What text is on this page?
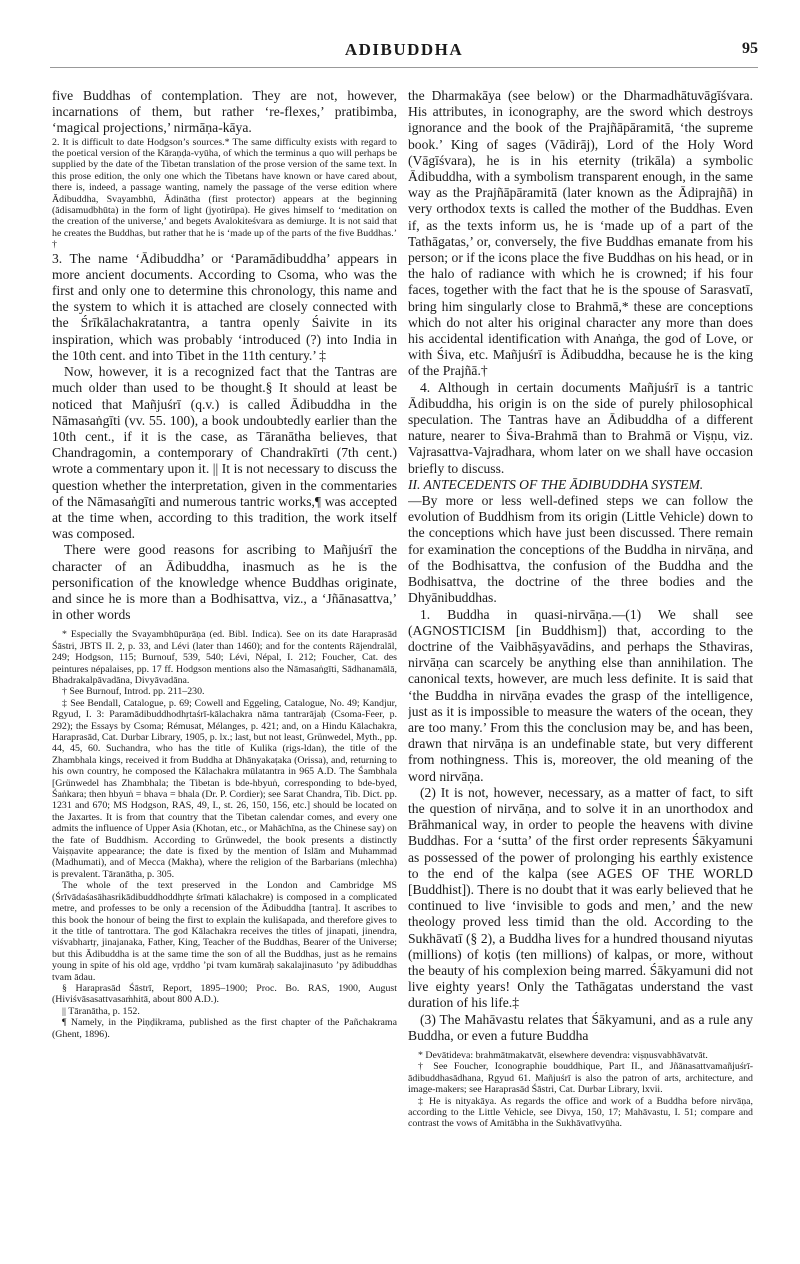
ADIBUDDHA	95

five Buddhas of contemplation. They are not, however, incarnations of them, but rather ‘re-flexes,’ pratibimba, ‘magical projections,’ nirmāṇa-kāya.

2. It is difficult to date Hodgson’s sources.* The same difficulty exists with regard to the poetical version of the Kāraṇḍa-vyūha, of which the terminus a quo will perhaps be supplied by the date of the Tibetan translation of the prose version of the same text. In this prose edition, the only one which the Tibetans have known or have cared about, there is, indeed, a passage wanting, namely the passage of the verse edition where Ādibuddha, Svayambhū, Ādinātha (first protector) appears at the beginning (ādisamudbhūta) in the form of light (jyotirūpa). He gives himself to ‘meditation on the creation of the universe,’ and begets Avalokiteśvara as demiurge. It is not said that he creates the Buddhas, but rather that he is ‘made up of the parts of the five Buddhas.’ †

3. The name ‘Ādibuddha’ or ‘Paramādibuddha’ appears in more ancient documents. According to Csoma, who was the first and only one to determine this chronology, this name and the system to which it is attached are closely connected with the Śrīkālachakratantra, a tantra openly Śaivite in its inspiration, which was probably ‘introduced (?) into India in the 10th cent. and into Tibet in the 11th century.’ ‡

Now, however, it is a recognized fact that the Tantras are much older than used to be thought.§ It should at least be noticed that Mañjuśrī (q.v.) is called Ādibuddha in the Nāmasaṅgīti (vv. 55. 100), a book undoubtedly earlier than the 10th cent., if it is the case, as Tāranātha believes, that Chandragomin, a contemporary of Chandrakīrti (7th cent.) wrote a commentary upon it. || It is not necessary to discuss the question whether the interpretation, given in the commentaries of the Nāmasaṅgīti and numerous tantric works,¶ was accepted at the time when, according to this tradition, the work itself was composed.

There were good reasons for ascribing to Mañjuśrī the character of an Ādibuddha, inasmuch as he is the personification of the knowledge whence Buddhas originate, and since he is more than a Bodhisattva, viz., a ‘Jñānasattva,’ in other words

* Especially the Svayambhūpurāṇa (ed. Bibl. Indica). See on its date Haraprasād Śāstri, JBTS II. 2, p. 33, and Lévi (later than 1460); and for the contents Rājendralāl, 249; Hodgson, 115; Burnouf, 539, 540; Lévi, Népal, I. 212; Foucher, Cat. des peintures népalaises, pp. 17 ff. Hodgson mentions also the Nāmasaṅgīti, Sādhanamālā, Bhadrakalpāvadāna, Divyāvadāna.

† See Burnouf, Introd. pp. 211–230.

‡ See Bendall, Catalogue, p. 69; Cowell and Eggeling, Catalogue, No. 49; Kandjur, Rgyud, I. 3: Paramādibuddhodhṛtaśrī-kālachakra nāma tantrarājaḥ (Csoma-Feer, p. 292); the Essays by Csoma; Rémusat, Mélanges, p. 421; and, on a Hindu Kālachakra, Haraprasād, Cat. Durbar Library, 1905, p. lx.; last, but not least, Grünwedel, Myth., pp. 44, 45, 60. Suchandra, who has the title of Kulika (rigs-ldan), the title of the Zhambhala kings, received it from Buddha at Dhānyakaṭaka (Orissa), and, returning to his own country, he composed the Kālachakra mūlatantra in 965 A.D. The Śambhala [Grünwedel has Zhambhala; the Tibetan is bde-hbyuṅ, corresponding to bde-byed, Śaṅkara; then hbyuṅ = bhava = bhala (Dr. P. Cordier); see Sarat Chandra, Tib. Dict. pp. 1231 and 670; MS Hodgson, RAS, 49, I., st. 26, 150, 156, etc.] should be located on the Jaxartes. It is from that country that the Tibetan calendar comes, and every one admits the influence of Upper Asia (Khotan, etc., or Mahāchīna, as the Chinese say) on the fate of Buddhism. According to Grünwedel, the book presents a distinctly Vaiṣṇavite appearance; the date is fixed by the mention of Islām and Muhammad (Madhumati), and of Mecca (Makha), where the religion of the Barbarians (mlechha) is prevalent. Tāranātha, p. 305.

The whole of the text preserved in the London and Cambridge MS (Śrīvādaśasāhasrikādibuddhoddhṛte śrīmati kālachakre) is composed in a complicated metre, and professes to be only a recension of the Ādibuddha [tantra]. It ascribes to this book the honour of being the first to explain the kuliśapada, and therefore gives to it the title of tantrottara. The god Kālachakra receives the titles of jinapati, jinendra, viśvabhartṛ, jinajanaka, Father, King, Teacher of the Buddhas, Bearer of the Universe; but this Ādibuddha is at the same time the son of all the Buddhas, just as he remains young in spite of his old age, vṛddho ’pi tvam kumāraḥ sakalajinasuto ’py ādibuddhas tvam ādau.

§ Haraprasād Śāstrī, Report, 1895–1900; Proc. Bo. RAS, 1900, August (Hiviśvāsasattvasaṁhitā, about 800 A.D.).

|| Tāranātha, p. 152.

¶ Namely, in the Piṇḍikrama, published as the first chapter of the Pañchakrama (Ghent, 1896).

the Dharmakāya (see below) or the Dharmadhātuvāgīśvara. His attributes, in iconography, are the sword which destroys ignorance and the book of the Prajñāpāramitā, ‘the supreme book.’ King of sages (Vādirāj), Lord of the Holy Word (Vāgīśvara), he is in his eternity (trikāla) a symbolic Ādibuddha, with a symbolism transparent enough, in the same way as the Prajñāpāramitā (later known as the Ādiprajñā) in very orthodox texts is called the mother of the Buddhas. Even if, as the texts inform us, he is ‘made up of a part of the Tathāgatas,’ or, conversely, the five Buddhas emanate from his person; or if the icons place the five Buddhas on his head, or in the halo of radiance with which he is crowned; if his four faces, together with the fact that he is the spouse of Sarasvatī, bring him singularly close to Brahmā,* these are conceptions which do not alter his original character any more than does his accidental identification with Anaṅga, the god of Love, or with Śiva, etc. Mañjuśrī is Ādibuddha, because he is the king of the Prajñā.†

4. Although in certain documents Mañjuśrī is a tantric Ādibuddha, his origin is on the side of purely philosophical speculation. The Tantras have an Ādibuddha of a different nature, nearer to Śiva-Brahmā than to Brahmā or Viṣṇu, viz. Vajrasattva-Vajradhara, whom later on we shall have occasion briefly to discuss.

II. ANTECEDENTS OF THE ĀDIBUDDHA SYSTEM.

—By more or less well-defined steps we can follow the evolution of Buddhism from its origin (Little Vehicle) down to the conceptions which have just been discussed. There remain for examination the conceptions of the Buddha in nirvāṇa, and of the Bodhisattva, the confusion of the Buddha and the Bodhisattva, the doctrine of the three bodies and the Dhyānibuddhas.

1. Buddha in quasi-nirvāṇa.—(1) We shall see (AGNOSTICISM [in Buddhism]) that, according to the doctrine of the Vaibhāṣyavādins, and perhaps the Sthaviras, nirvāṇa can scarcely be anything else than annihilation. The canonical texts, however, are much less definite. It is said that ‘the Buddha in nirvāṇa evades the grasp of the intelligence, just as it is impossible to measure the waters of the ocean, they are too many.’ From this the conclusion may be, and has been, drawn that nirvāṇa is an undefinable state, but very different from nothingness. This is, moreover, the old meaning of the word nirvāṇa.

(2) It is not, however, necessary, as a matter of fact, to sift the question of nirvāṇa, and to solve it in an unorthodox and Brāhmanical way, in order to people the heavens with divine Buddhas. For a ‘sutta’ of the first order represents Śākyamuni as possessed of the power of prolonging his earthly existence to the end of the kalpa (see AGES OF THE WORLD [Buddhist]). There is no doubt that it was early believed that he continued to live ‘invisible to gods and men,’ and the new theology proved less timid than the old. According to the Sukhāvatī (§ 2), a Buddha lives for a hundred thousand niyutas (millions) of koṭis (ten millions) of kalpas, or more, without the beauty of his complexion being marred. Śākyamuni did not live eighty years! Only the Tathāgatas understand the vast duration of his life.‡

(3) The Mahāvastu relates that Śākyamuni, and as a rule any Buddha, or even a future Buddha

* Devātideva: brahmātmakatvāt, elsewhere devendra: viṣṇusvabhāvatvāt.

† See Foucher, Iconographie bouddhique, Part II., and Jñānasattvamañjuśrī-ādibuddhasādhana, Rgyud 61. Mañjuśrī is also the patron of arts, architecture, and image-makers; see Haraprasād Śāstri, Cat. Durbar Library, lxvii.

‡ He is nityakāya. As regards the office and work of a Buddha before nirvāṇa, according to the Little Vehicle, see Divya, 150, 17; Mahāvastu, I. 51; compare and contrast the vows of Amitābha in the Sukhāvatīvyūha.
